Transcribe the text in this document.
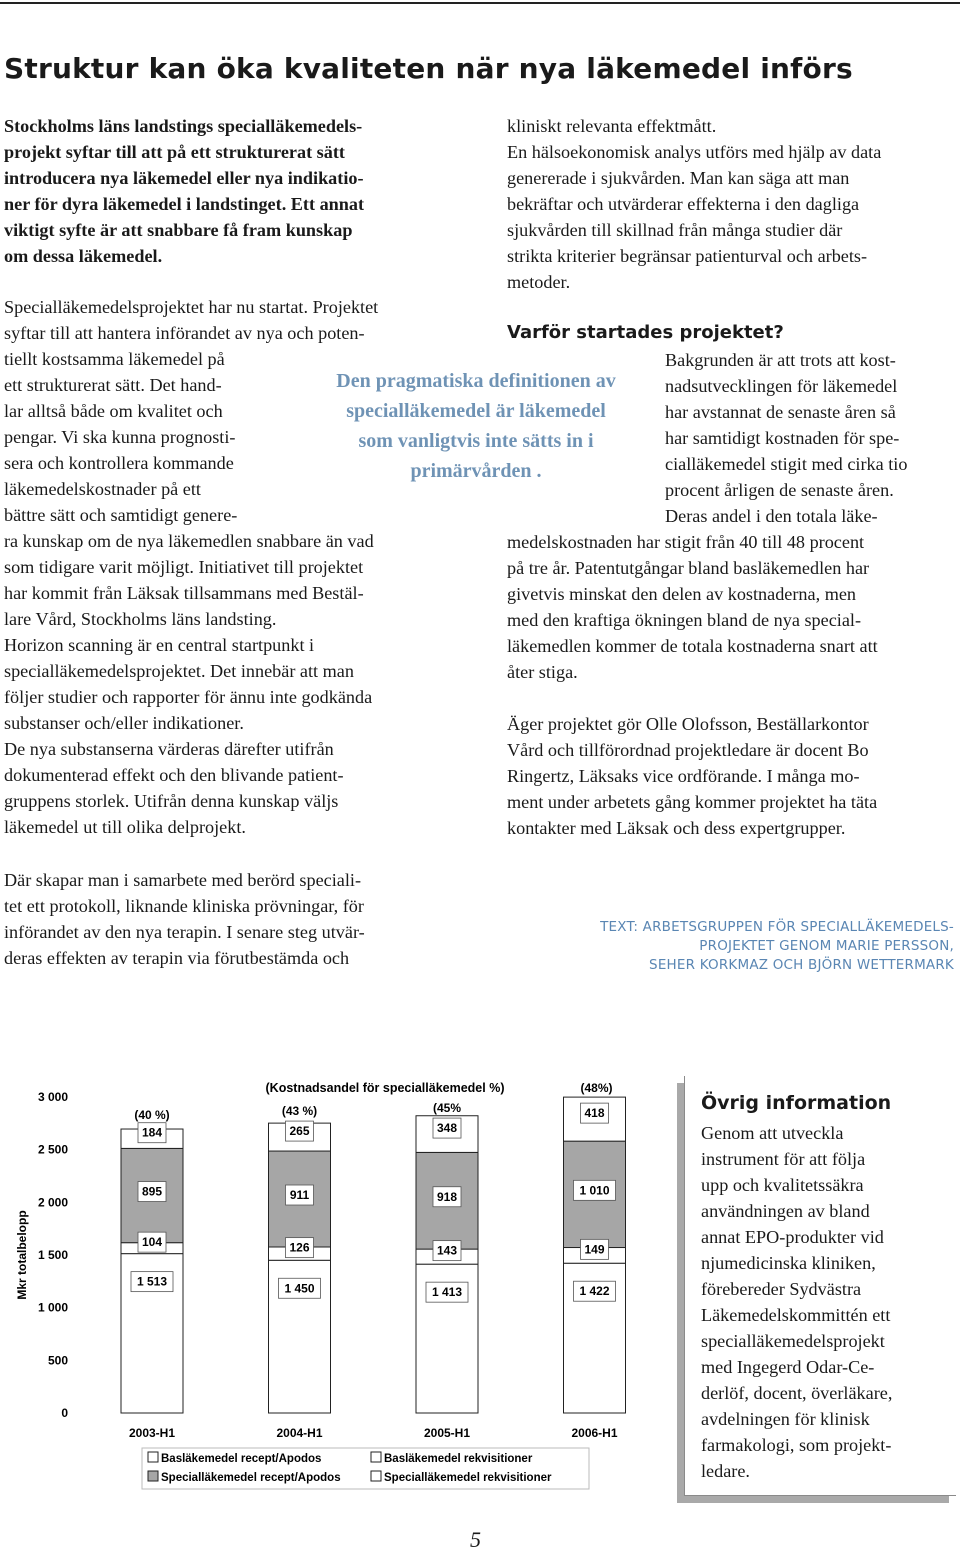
Struktur kan öka kvaliteten när nya läkemedel införs

Stockholms läns landstings specialläkemedels-
projekt syftar till att på ett strukturerat sätt
introducera nya läkemedel eller nya indikatio-
ner för dyra läkemedel i landstinget. Ett annat
viktigt syfte är att snabbare få fram kunskap
om dessa läkemedel.

Specialläkemedelsprojektet har nu startat. Projektet
syftar till att hantera införandet av nya och poten-
tiellt kostsamma läkemedel på
ett strukturerat sätt. Det hand-
lar alltså både om kvalitet och
pengar. Vi ska kunna prognosti-
sera och kontrollera kommande
läkemedelskostnader på ett
bättre sätt och samtidigt genere-
ra kunskap om de nya läkemedlen snabbare än vad
som tidigare varit möjligt. Initiativet till projektet
har kommit från Läksak tillsammans med Bestäl-
lare Vård, Stockholms läns landsting.

Horizon scanning är en central startpunkt i
specialläkemedelsprojektet. Det innebär att man
följer studier och rapporter för ännu inte godkända
substanser och/eller indikationer.

De nya substanserna värderas därefter utifrån
dokumenterad effekt och den blivande patient-
gruppens storlek. Utifrån denna kunskap väljs
läkemedel ut till olika delprojekt.

Där skapar man i samarbete med berörd speciali-
tet ett protokoll, liknande kliniska prövningar, för
införandet av den nya terapin. I senare steg utvär-
deras effekten av terapin via förutbestämda och

Den pragmatiska definitionen av
specialläkemedel är läkemedel
som vanligtvis inte sätts in i
primärvården .

kliniskt relevanta effektmått.
En hälsoekonomisk analys utförs med hjälp av data
genererade i sjukvården. Man kan säga att man
bekräftar och utvärderar effekterna i den dagliga
sjukvården till skillnad från många studier där
strikta kriterier begränsar patienturval och arbets-
metoder.

Varför startades projektet?

Bakgrunden är att trots att kost-
nadsutvecklingen för läkemedel
har avstannat de senaste åren så
har samtidigt kostnaden för spe-
cialläkemedel stigit med cirka tio
procent årligen de senaste åren.
Deras andel i den totala läke-

medelskostnaden har stigit från 40 till 48 procent
på tre år. Patentutgångar bland basläkemedlen har
givetvis minskat den delen av kostnaderna, men
med den kraftiga ökningen bland de nya special-
läkemedlen kommer de totala kostnaderna snart att
åter stiga.

Äger projektet gör Olle Olofsson, Beställarkontor
Vård och tillförordnad projektledare är docent Bo
Ringertz, Läksaks vice ordförande. I många mo-
ment under arbetets gång kommer projektet ha täta
kontakter med Läksak och dess expertgrupper.

TEXT: ARBETSGRUPPEN FÖR SPECIALLÄKEMEDELS-
PROJEKTET GENOM MARIE PERSSON,
SEHER KORKMAZ OCH BJÖRN WETTERMARK
Mkr totalbelopp
0
500
1 000
1 500
2 000
2 500
3 000
(Kostnadsandel för specialläkemedel %)
1 513
104
895
184
(40 %)
2003-H1
1 450
126
911
265
(43 %)
2004-H1
1 413
143
918
348
(45%
2005-H1
1 422
149
1 010
418
(48%)
2006-H1
Basläkemedel recept/Apodos	Basläkemedel rekvisitioner
Specialläkemedel recept/Apodos	Specialläkemedel rekvisitioner
Övrig information

Genom att utveckla
instrument för att följa
upp och kvalitetssäkra
användningen av bland
annat EPO-produkter vid
njumedicinska kliniken,
förebereder Sydvästra
Läkemedelskommittén ett
specialläkemedelsprojekt
med Ingegerd Odar-Ce-
derlöf, docent, överläkare,
avdelningen för klinisk
farmakologi, som projekt-
ledare.

5
